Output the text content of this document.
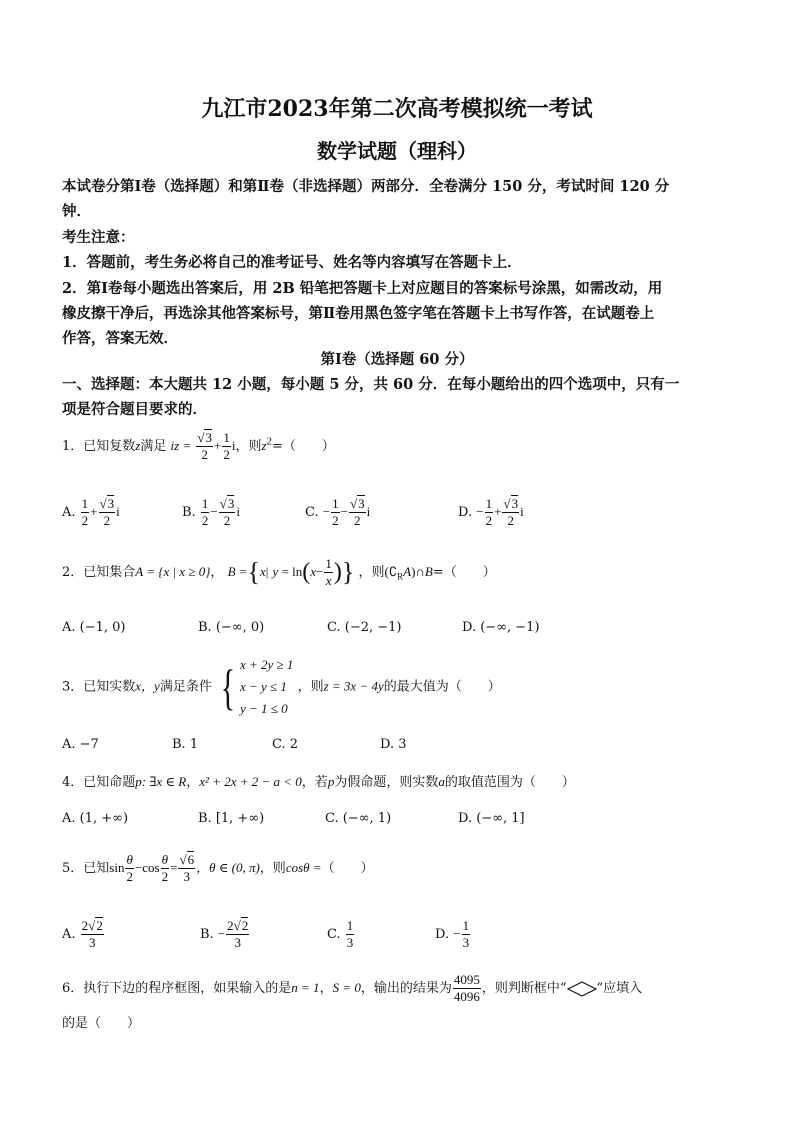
九江市2023年第二次高考模拟统一考试
数学试题（理科）
本试卷分第Ⅰ卷（选择题）和第Ⅱ卷（非选择题）两部分．全卷满分 150 分，考试时间 120 分
钟．
考生注意：
1．答题前，考生务必将自己的准考证号、姓名等内容填写在答题卡上．
2．第Ⅰ卷每小题选出答案后，用 2B 铅笔把答题卡上对应题目的答案标号涂黑，如需改动，用
橡皮擦干净后，再选涂其他答案标号，第Ⅱ卷用黑色签字笔在答题卡上书写作答，在试题卷上
作答，答案无效．
第Ⅰ卷（选择题 60 分）
一、选择题：本大题共 12 小题，每小题 5 分，共 60 分．在每小题给出的四个选项中，只有一
项是符合题目要求的．
1．已知复数z满足 iz = $\frac{√3}{2} + \frac{1}{2}$ i，则$z^2=$（　　）
A. $\frac{1}{2} + \frac{√3}{2}$ i	B. $\frac{1}{2} - \frac{√3}{2}$ i	C. − $\frac{1}{2} - \frac{√3}{2}$ i	D. − $\frac{1}{2} + \frac{√3}{2}$ i
2．已知集合A = {x | x ≥ 0}， B ={x| $y = \ln(x- \frac{1}{x}$ )} ，则$(∁_RA)\cap B=$（　　）
A. (−1, 0)	B. (−∞, 0)	C. (−2, −1)	D. (−∞, −1)
3．已知实数x，y满足条件 { x + 2y ≥ 1
x − y ≤ 1
y − 1 ≤ 0
，则z = 3x − 4y的最大值为（　　）
A. −7	B. 1	C. 2	D. 3
4．已知命题p: ∃x ∈ R，x² + 2x + 2 − a < 0，若p为假命题，则实数a的取值范围为（　　）
A. (1, +∞)	B. [1, +∞)	C. (−∞, 1)	D. (−∞, 1]
5．已知$\sin \frac{\theta}{2} -\cos \frac{\theta}{2} = \frac{√6}{3}$ ，θ ∈ (0, π)，则cosθ =（　　）
A. $\frac{2√2}{3}$	B. − $\frac{2√2}{3}$	C. $\frac{1}{3}$	D. − $\frac{1}{3}$
6．执行下边的程序框图，如果输入的是n = 1，S = 0，输出的结果为 $\frac{4095}{4096}$ ，则判断框中“ ”应填入
的是（　　）
